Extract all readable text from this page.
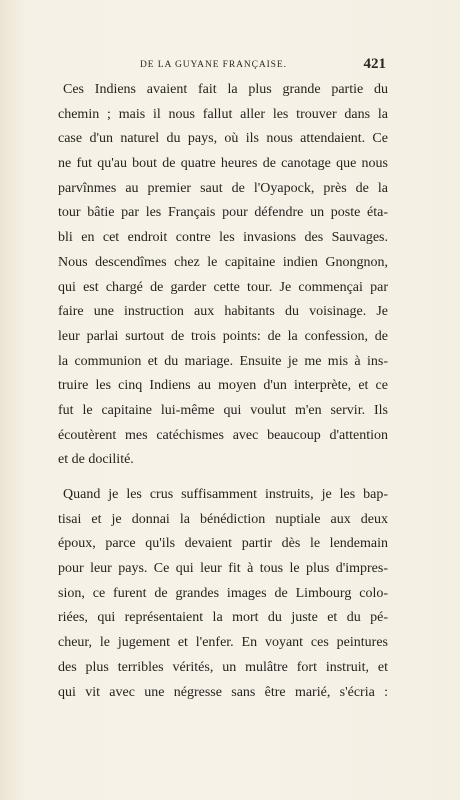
DE LA GUYANE FRANÇAISE.	421

Ces Indiens avaient fait la plus grande partie du
chemin ; mais il nous fallut aller les trouver dans la
case d'un naturel du pays, où ils nous attendaient. Ce
ne fut qu'au bout de quatre heures de canotage que nous
parvînmes au premier saut de l'Oyapock, près de la
tour bâtie par les Français pour défendre un poste éta-
bli en cet endroit contre les invasions des Sauvages.
Nous descendîmes chez le capitaine indien Gnongnon,
qui est chargé de garder cette tour. Je commençai par
faire une instruction aux habitants du voisinage. Je
leur parlai surtout de trois points: de la confession, de
la communion et du mariage. Ensuite je me mis à ins-
truire les cinq Indiens au moyen d'un interprète, et ce
fut le capitaine lui-même qui voulut m'en servir. Ils
écoutèrent mes catéchismes avec beaucoup d'attention
et de docilité.

Quand je les crus suffisamment instruits, je les bap-
tisai et je donnai la bénédiction nuptiale aux deux
époux, parce qu'ils devaient partir dès le lendemain
pour leur pays. Ce qui leur fit à tous le plus d'impres-
sion, ce furent de grandes images de Limbourg colo-
riées, qui représentaient la mort du juste et du pé-
cheur, le jugement et l'enfer. En voyant ces peintures
des plus terribles vérités, un mulâtre fort instruit, et
qui vit avec une négresse sans être marié, s'écria :
